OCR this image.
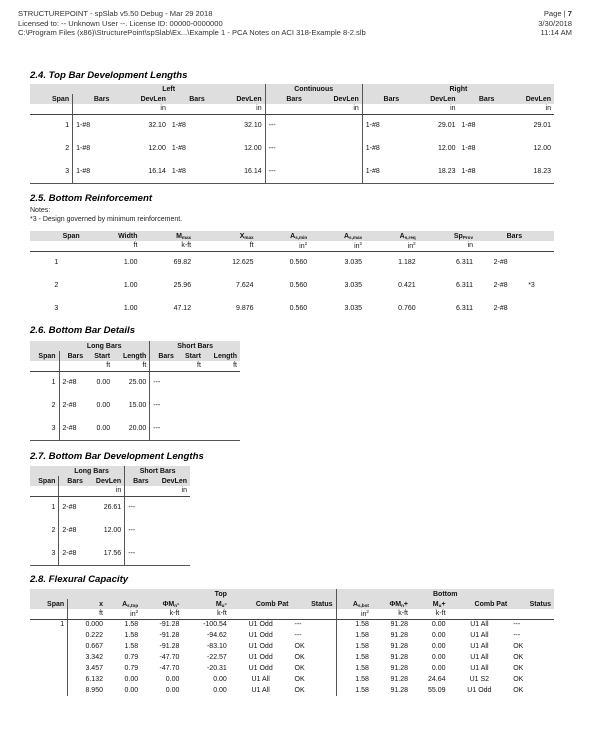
STRUCTUREPOINT - spSlab v5.50 Debug - Mar 29 2018
Licensed to: -- Unknown User --. License ID: 00000-0000000
C:\Program Files (x86)\StructurePoint\spSlab\Ex...\Example 1 - PCA Notes on ACI 318-Example 8-2.slb
Page | 7
3/30/2018
11:14 AM
2.4. Top Bar Development Lengths
	Left				Continuous		Right			
Span	Bars	DevLen	Bars	DevLen	Bars	DevLen	Bars	DevLen	Bars	DevLen
		in		in		in		in		in
1	1-#8	32.10	1-#8	32.10	---		1-#8	29.01	1-#8	29.01
2	1-#8	12.00	1-#8	12.00	---		1-#8	12.00	1-#8	12.00
3	1-#8	16.14	1-#8	16.14	---		1-#8	18.23	1-#8	18.23
2.5. Bottom Reinforcement
Notes:
*3 - Design governed by minimum reinforcement.
Span	Width	$M_{max}$	$X_{max}$	$A_{s,min}$	$A_{s,max}$	$A_{s,req}$	$Sp_{Prov}$	Bars	
	ft	k-ft	ft	$in^2$	$in^2$	$in^2$	in		
1	1.00	69.82	12.625	0.560	3.035	1.182	6.311	2-#8	
2	1.00	25.96	7.624	0.560	3.035	0.421	6.311	2-#8	*3
3	1.00	47.12	9.876	0.560	3.035	0.760	6.311	2-#8	
2.6. Bottom Bar Details
	Long Bars			Short Bars		
Span	Bars	Start	Length	Bars	Start	Length
		ft	ft		ft	ft
1	2-#8	0.00	25.00	---		
2	2-#8	0.00	15.00	---		
3	2-#8	0.00	20.00	---		
2.7. Bottom Bar Development Lengths
	Long Bars		Short Bars	
Span	Bars	DevLen	Bars	DevLen
		in		in
1	2-#8	26.61	---	
2	2-#8	12.00	---	
3	2-#8	17.56	---	
2.8. Flexural Capacity
		Top					Bottom				
Span	x	$A_{s,top}$	$\Phi M_n-$	$M_u-$	Comb Pat	Status	$A_{s,bot}$	$\Phi M_n+$	$M_u+$	Comb Pat	Status
	ft	$in^2$	k-ft	k-ft			$in^2$	k-ft	k-ft		
1	0.000	1.58	-91.28	-100.54	U1 Odd	---	1.58	91.28	0.00	U1 All	---
	0.222	1.58	-91.28	-94.62	U1 Odd	---	1.58	91.28	0.00	U1 All	---
	0.667	1.58	-91.28	-83.10	U1 Odd	OK	1.58	91.28	0.00	U1 All	OK
	3.342	0.79	-47.70	-22.57	U1 Odd	OK	1.58	91.28	0.00	U1 All	OK
	3.457	0.79	-47.70	-20.31	U1 Odd	OK	1.58	91.28	0.00	U1 All	OK
	6.132	0.00	0.00	0.00	U1 All	OK	1.58	91.28	24.64	U1 S2	OK
	8.950	0.00	0.00	0.00	U1 All	OK	1.58	91.28	55.09	U1 Odd	OK
